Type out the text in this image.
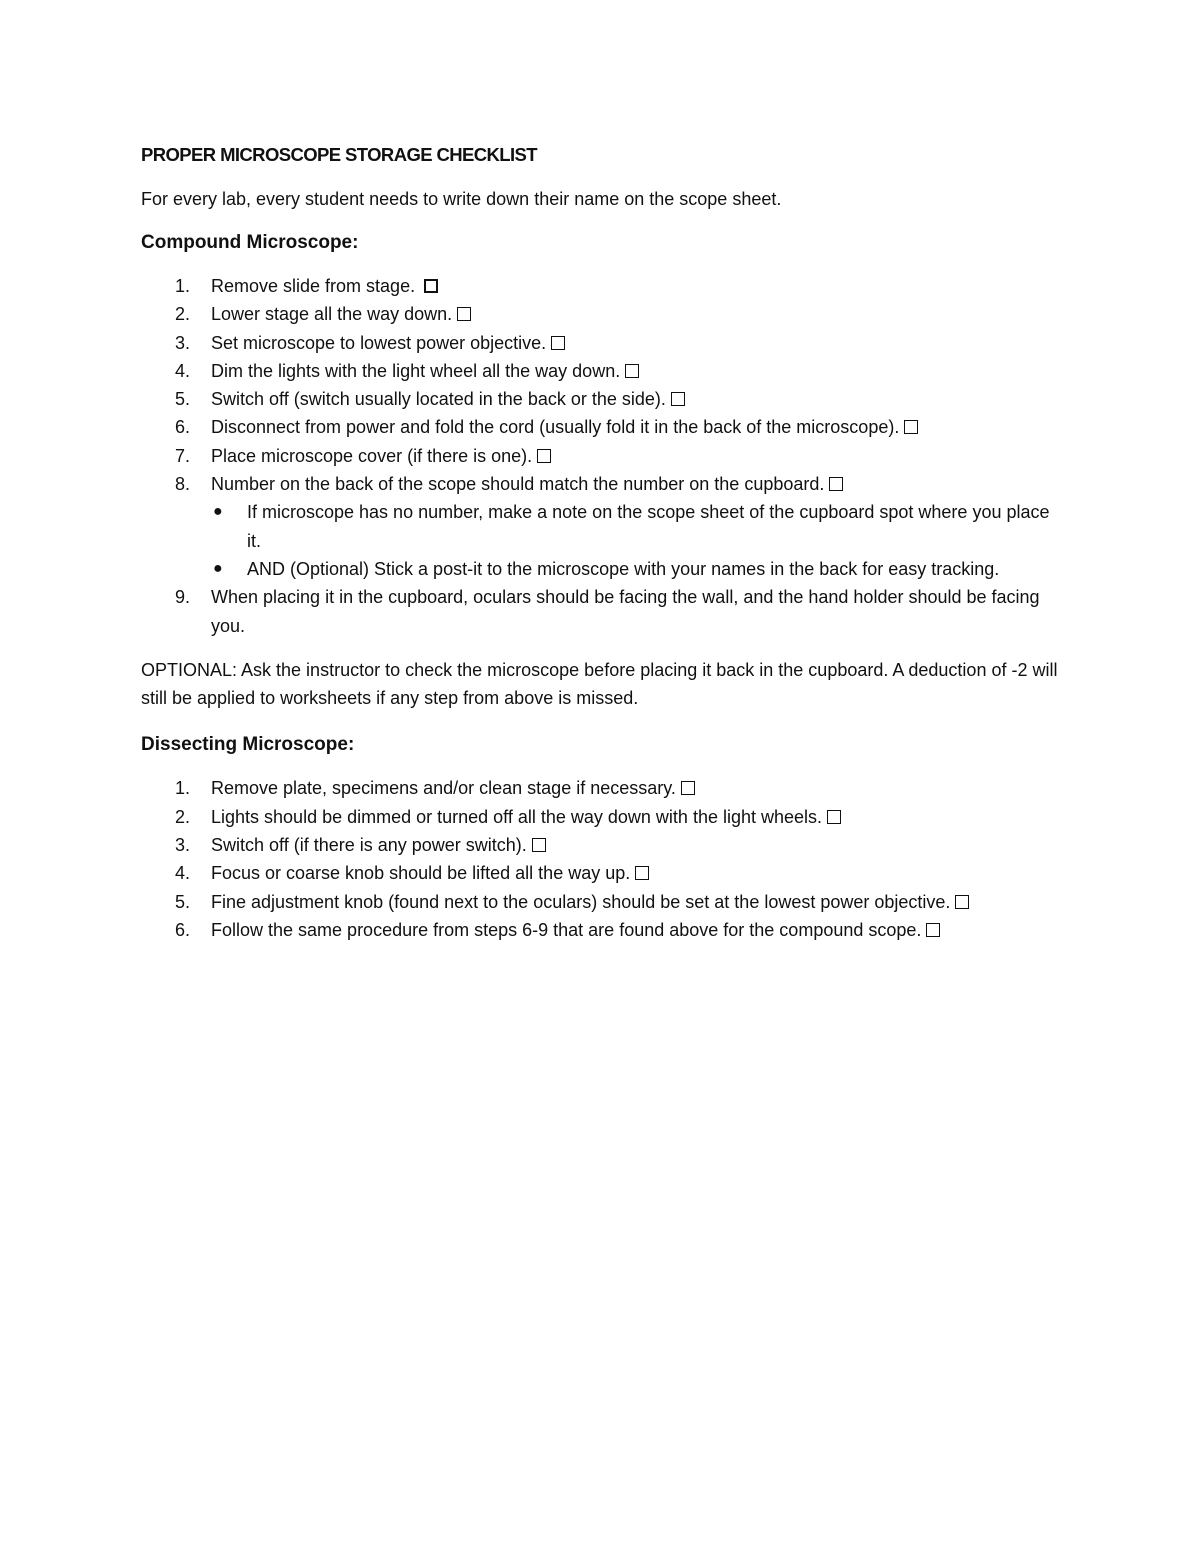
PROPER MICROSCOPE STORAGE CHECKLIST

For every lab, every student needs to write down their name on the scope sheet.

Compound Microscope:

1. Remove slide from stage.
2. Lower stage all the way down.
3. Set microscope to lowest power objective.
4. Dim the lights with the light wheel all the way down.
5. Switch off (switch usually located in the back or the side).
6. Disconnect from power and fold the cord (usually fold it in the back of the microscope).
7. Place microscope cover (if there is one).
8. Number on the back of the scope should match the number on the cupboard.
● If microscope has no number, make a note on the scope sheet of the cupboard spot where you place it.
● AND (Optional) Stick a post-it to the microscope with your names in the back for easy tracking.
9. When placing it in the cupboard, oculars should be facing the wall, and the hand holder should be facing you.

OPTIONAL: Ask the instructor to check the microscope before placing it back in the cupboard. A deduction of -2 will still be applied to worksheets if any step from above is missed.

Dissecting Microscope:

1. Remove plate, specimens and/or clean stage if necessary.
2. Lights should be dimmed or turned off all the way down with the light wheels.
3. Switch off (if there is any power switch).
4. Focus or coarse knob should be lifted all the way up.
5. Fine adjustment knob (found next to the oculars) should be set at the lowest power objective.
6. Follow the same procedure from steps 6-9 that are found above for the compound scope.
